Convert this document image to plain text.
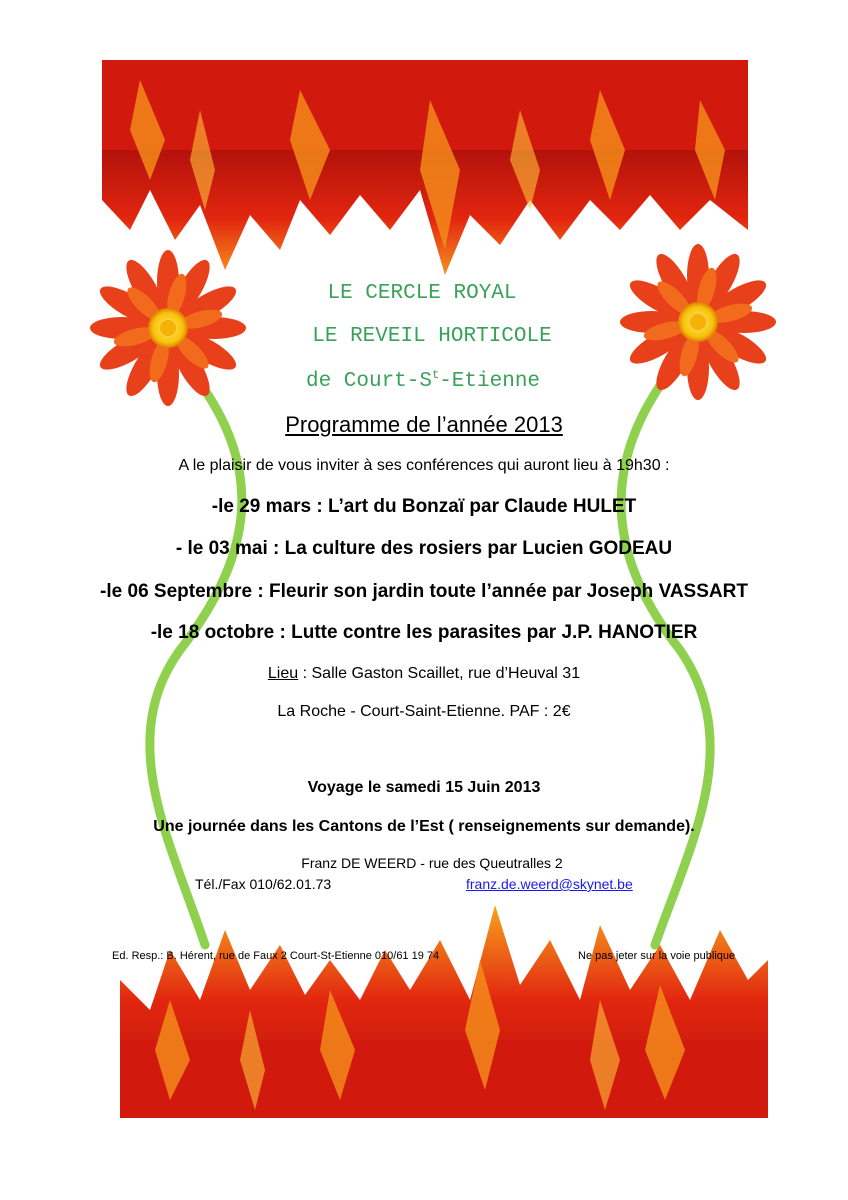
LE CERCLE ROYAL
LE REVEIL HORTICOLE
de Court-$S^t$-Etienne
Programme de l’année 2013
A le plaisir de vous inviter à ses conférences qui auront lieu à 19h30 :
-le 29 mars : L’art du Bonzaï par Claude HULET
- le 03 mai : La culture des rosiers par Lucien GODEAU
-le 06 Septembre : Fleurir son jardin toute l’année par Joseph VASSART
-le 18 octobre : Lutte contre les parasites par J.P. HANOTIER
Lieu : Salle Gaston Scaillet, rue d’Heuval 31
La Roche - Court-Saint-Etienne. PAF : 2€
Voyage le samedi 15 Juin 2013
Une journée dans les Cantons de l’Est ( renseignements sur demande).
Franz DE WEERD - rue des Queutralles 2
Tél./Fax 010/62.01.73	franz.de.weerd@skynet.be
Ed. Resp.: B. Hérent, rue de Faux 2 Court-St-Etienne 010/61 19 74	Ne pas jeter sur la voie publique
